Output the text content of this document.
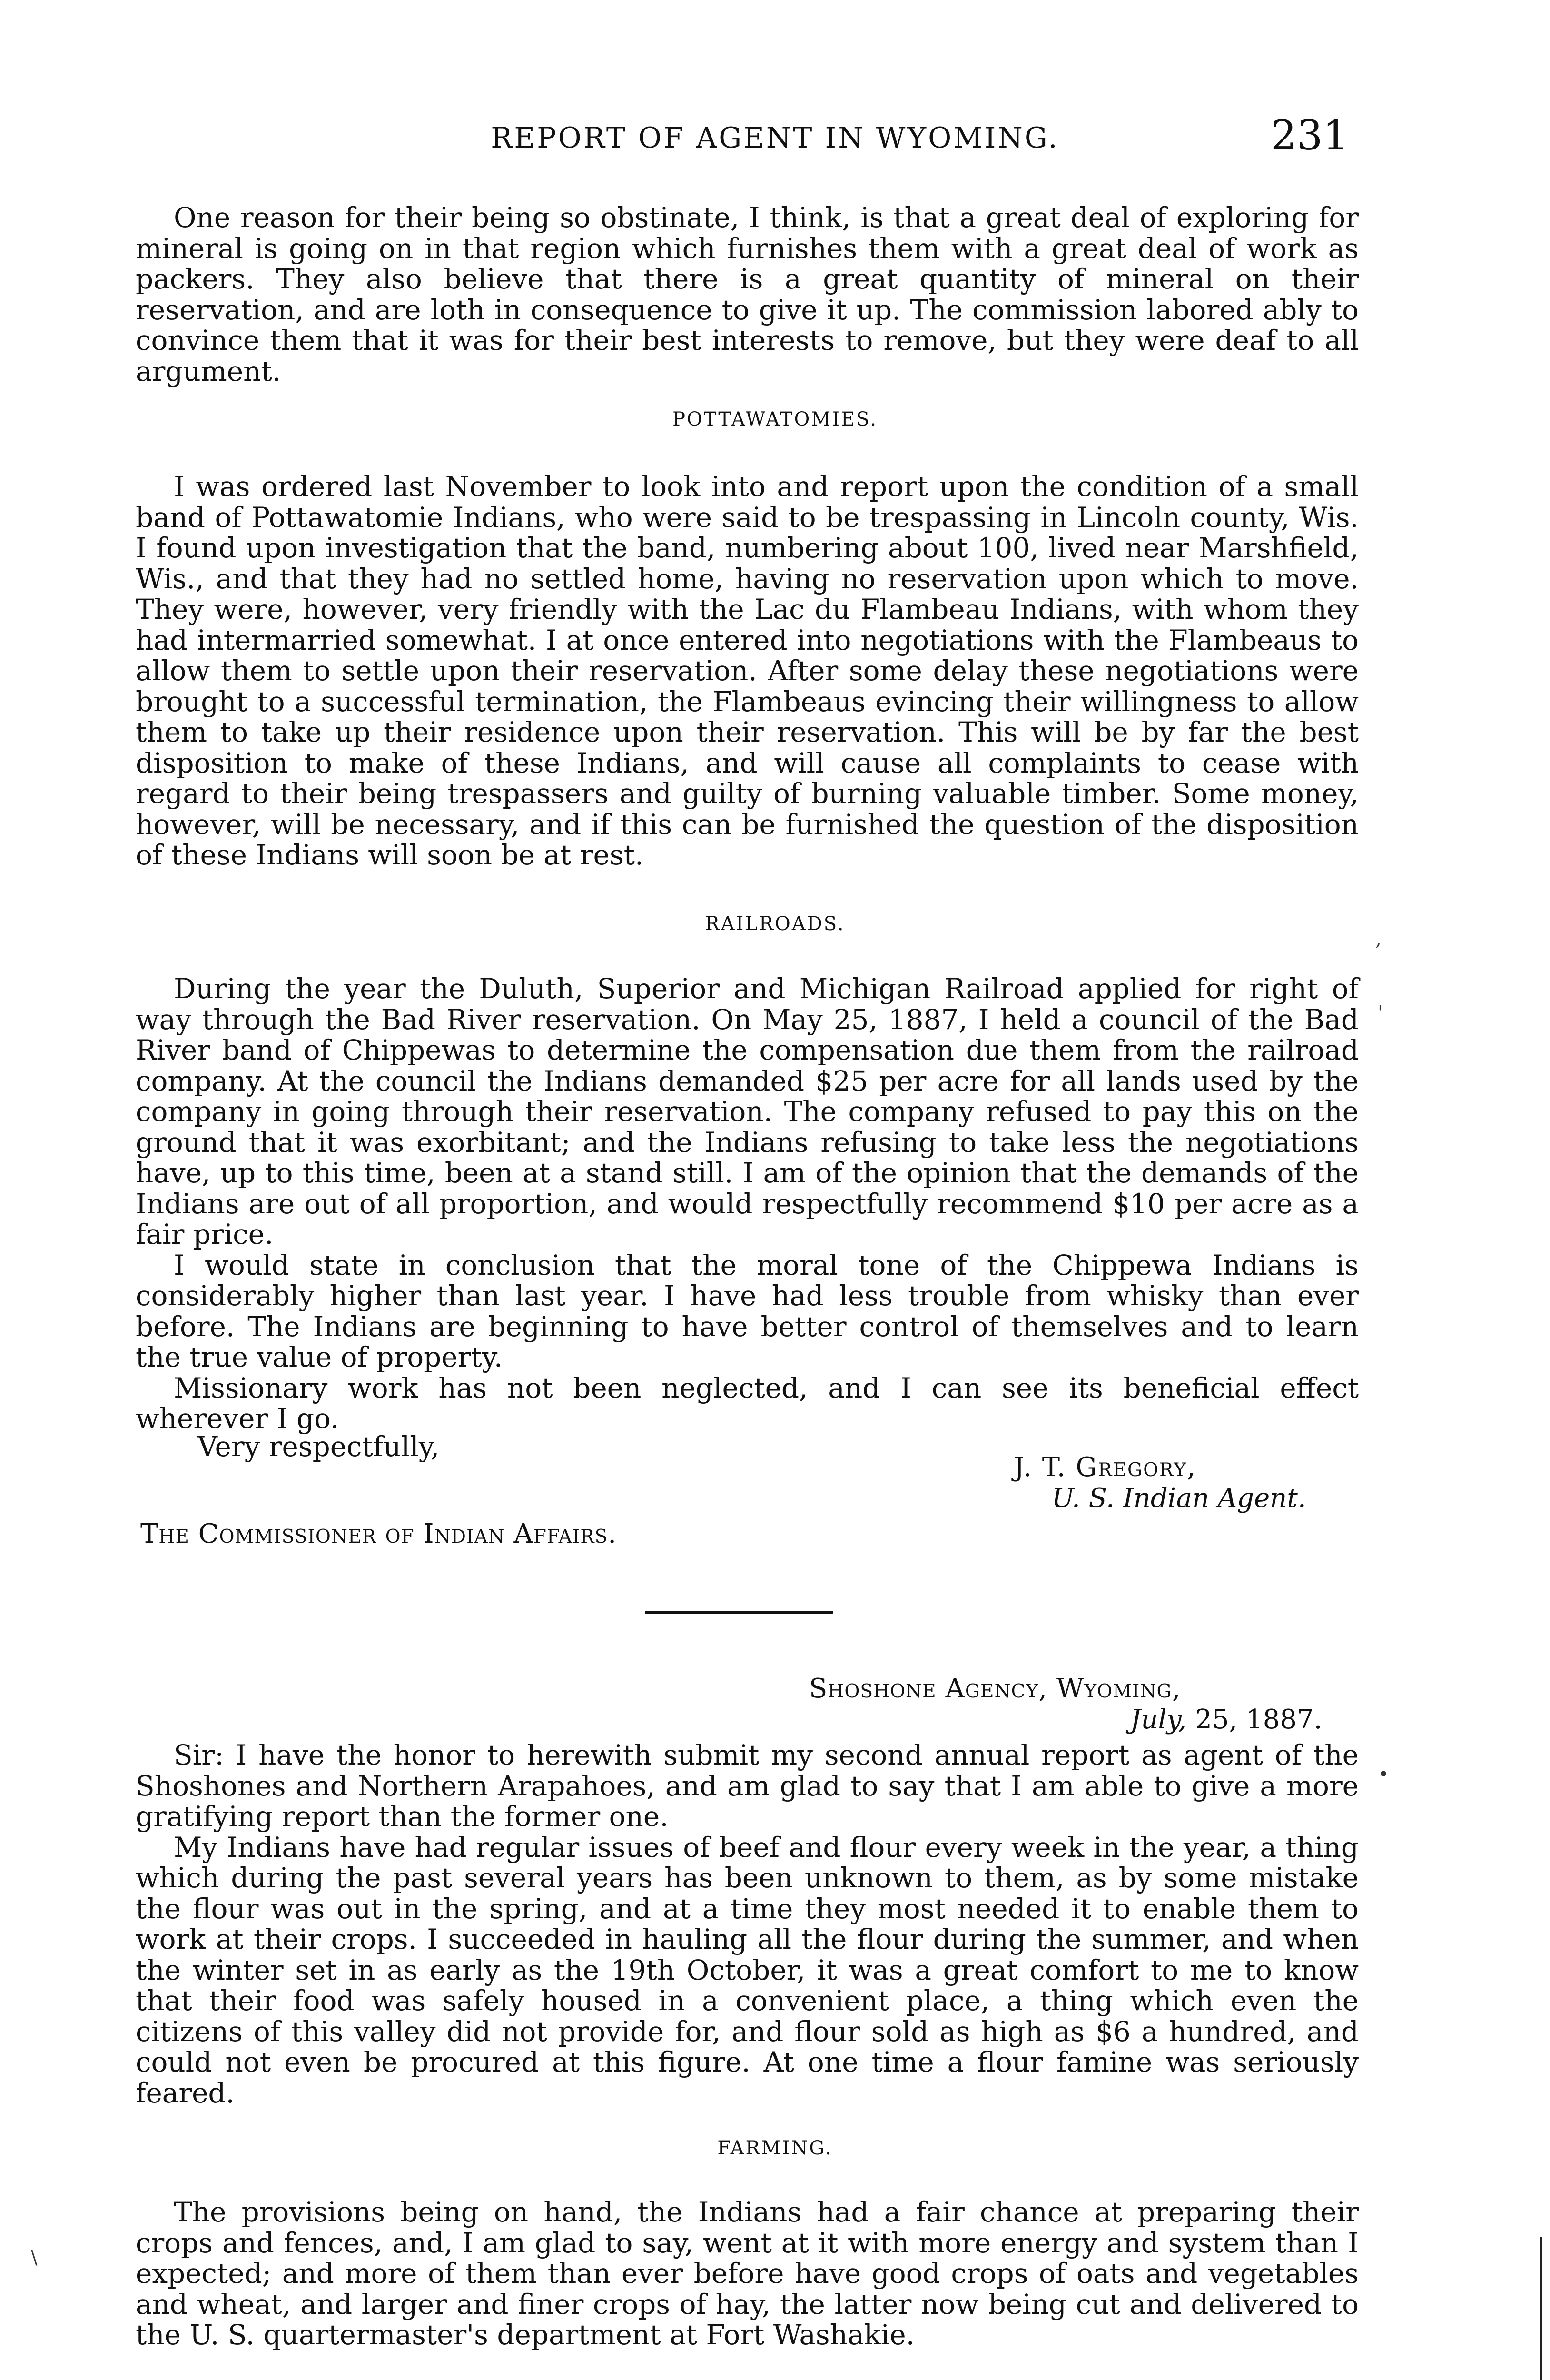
REPORT OF AGENT IN WYOMING.	231

One reason for their being so obstinate, I think, is that a great deal of exploring for mineral is going on in that region which furnishes them with a great deal of work as packers. They also believe that there is a great quantity of mineral on their reservation, and are loth in consequence to give it up. The commission labored ably to convince them that it was for their best interests to remove, but they were deaf to all argument.

POTTAWATOMIES.

I was ordered last November to look into and report upon the condition of a small band of Pottawatomie Indians, who were said to be trespassing in Lincoln county, Wis. I found upon investigation that the band, numbering about 100, lived near Marshfield, Wis., and that they had no settled home, having no reservation upon which to move. They were, however, very friendly with the Lac du Flambeau Indians, with whom they had intermarried somewhat. I at once entered into negotiations with the Flambeaus to allow them to settle upon their reservation. After some delay these negotiations were brought to a successful termination, the Flambeaus evincing their willingness to allow them to take up their residence upon their reservation. This will be by far the best disposition to make of these Indians, and will cause all complaints to cease with regard to their being trespassers and guilty of burning valuable timber. Some money, however, will be necessary, and if this can be furnished the question of the disposition of these Indians will soon be at rest.

RAILROADS.

During the year the Duluth, Superior and Michigan Railroad applied for right of way through the Bad River reservation. On May 25, 1887, I held a council of the Bad River band of Chippewas to determine the compensation due them from the railroad company. At the council the Indians demanded $25 per acre for all lands used by the company in going through their reservation. The company refused to pay this on the ground that it was exorbitant; and the Indians refusing to take less the negotiations have, up to this time, been at a stand still. I am of the opinion that the demands of the Indians are out of all proportion, and would respectfully recommend $10 per acre as a fair price.

I would state in conclusion that the moral tone of the Chippewa Indians is considerably higher than last year. I have had less trouble from whisky than ever before. The Indians are beginning to have better control of themselves and to learn the true value of property.

Missionary work has not been neglected, and I can see its beneficial effect wherever I go.

Very respectfully,
J. T. Gregory,
U. S. Indian Agent.
The Commissioner of Indian Affairs.
Shoshone Agency, Wyoming,
July, 25, 1887.

Sir: I have the honor to herewith submit my second annual report as agent of the Shoshones and Northern Arapahoes, and am glad to say that I am able to give a more gratifying report than the former one.

My Indians have had regular issues of beef and flour every week in the year, a thing which during the past several years has been unknown to them, as by some mistake the flour was out in the spring, and at a time they most needed it to enable them to work at their crops. I succeeded in hauling all the flour during the summer, and when the winter set in as early as the 19th October, it was a great comfort to me to know that their food was safely housed in a convenient place, a thing which even the citizens of this valley did not provide for, and flour sold as high as $6 a hundred, and could not even be procured at this figure. At one time a flour famine was seriously feared.

FARMING.

The provisions being on hand, the Indians had a fair chance at preparing their crops and fences, and, I am glad to say, went at it with more energy and system than I expected; and more of them than ever before have good crops of oats and vegetables and wheat, and larger and finer crops of hay, the latter now being cut and delivered to the U. S. quartermaster's department at Fort Washakie.

,
'
•
\
